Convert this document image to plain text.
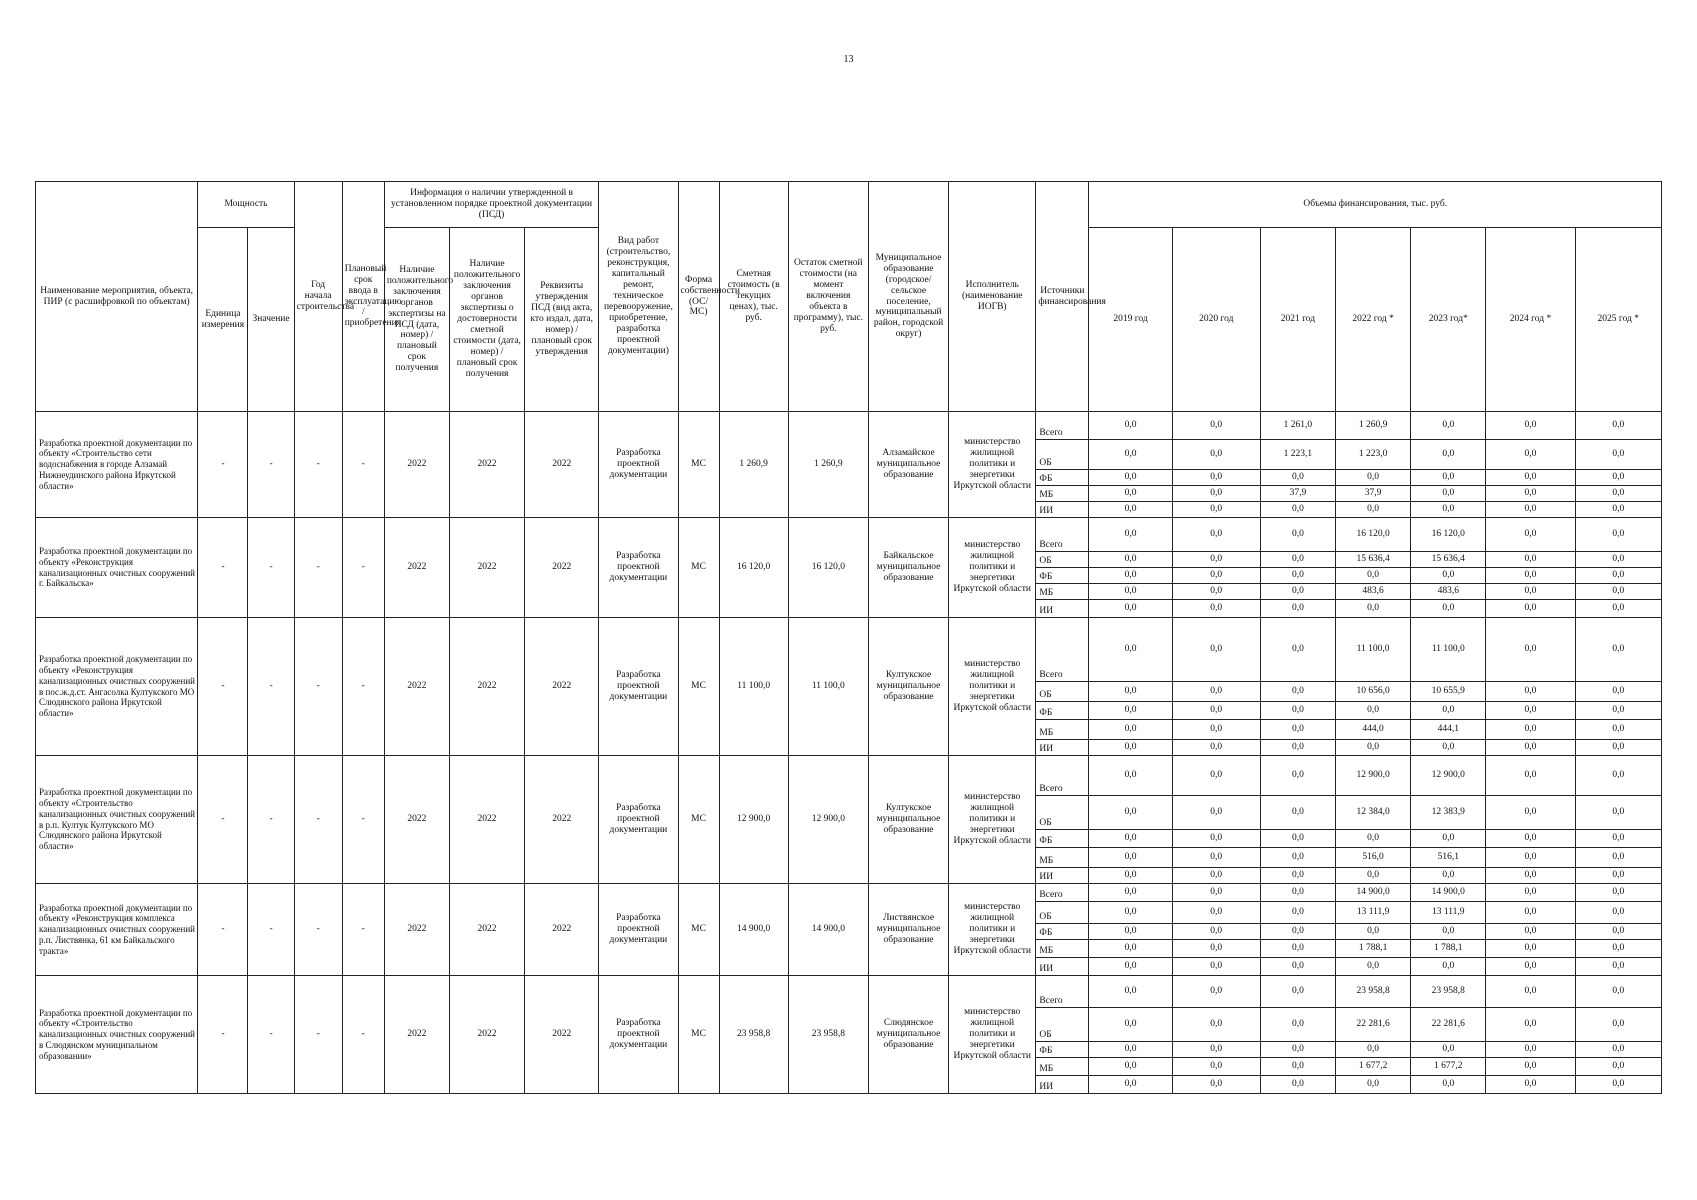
13
Наименование мероприятия, объекта, ПИР (с расшифровкой по объектам)	Мощность		Год начала строительства	Плановый срок ввода в эксплуатацию / приобретения	Информация о наличии утвержденной в установленном порядке проектной документации (ПСД)			Вид работ (строительство, реконструкция, капитальный ремонт, техническое перевооружение, приобретение, разработка проектной документации)	Форма собственности (ОС/МС)	Сметная стоимость (в текущих ценах), тыс. руб.	Остаток сметной стоимости (на момент включения объекта в программу), тыс. руб.	Муниципальное образование (городское/сельское поселение, муниципальный район, городской округ)	Исполнитель (наименование ИОГВ)	Источники финансирования	Объемы финансирования, тыс. руб.						
	Единица измерения	Значение			Наличие положительного заключения органов экспертизы на ПСД (дата, номер) / плановый срок получения	Наличие положительного заключения органов экспертизы о достоверности сметной стоимости (дата, номер) / плановый срок получения	Реквизиты утверждения ПСД (вид акта, кто издал, дата, номер) / плановый срок утверждения								2019 год	2020 год	2021 год	2022 год *	2023 год*	2024 год *	2025 год *
Разработка проектной документации по объекту «Строительство сети водоснабжения в городе Алзамай Нижнеудинского района Иркутской области»	-	-	-	-	2022	2022	2022	Разработка проектной документации	МС	1 260,9	1 260,9	Алзамайское муниципальное образование	министерство жилищной политики и энергетики Иркутской области	Всего	0,0	0,0	1 261,0	1 260,9	0,0	0,0	0,0
														ОБ	0,0	0,0	1 223,1	1 223,0	0,0	0,0	0,0
														ФБ	0,0	0,0	0,0	0,0	0,0	0,0	0,0
														МБ	0,0	0,0	37,9	37,9	0,0	0,0	0,0
														ИИ	0,0	0,0	0,0	0,0	0,0	0,0	0,0
Разработка проектной документации по объекту «Реконструкция канализационных очистных сооружений г. Байкальска»	-	-	-	-	2022	2022	2022	Разработка проектной документации	МС	16 120,0	16 120,0	Байкальское муниципальное образование	министерство жилищной политики и энергетики Иркутской области	Всего	0,0	0,0	0,0	16 120,0	16 120,0	0,0	0,0
														ОБ	0,0	0,0	0,0	15 636,4	15 636,4	0,0	0,0
														ФБ	0,0	0,0	0,0	0,0	0,0	0,0	0,0
														МБ	0,0	0,0	0,0	483,6	483,6	0,0	0,0
														ИИ	0,0	0,0	0,0	0,0	0,0	0,0	0,0
Разработка проектной документации по объекту «Реконструкция канализационных очистных сооружений в пос.ж.д.ст. Ангасолка Култукского МО Слюдянского района Иркутской области»	-	-	-	-	2022	2022	2022	Разработка проектной документации	МС	11 100,0	11 100,0	Култукское муниципальное образование	министерство жилищной политики и энергетики Иркутской области	Всего	0,0	0,0	0,0	11 100,0	11 100,0	0,0	0,0
														ОБ	0,0	0,0	0,0	10 656,0	10 655,9	0,0	0,0
														ФБ	0,0	0,0	0,0	0,0	0,0	0,0	0,0
														МБ	0,0	0,0	0,0	444,0	444,1	0,0	0,0
														ИИ	0,0	0,0	0,0	0,0	0,0	0,0	0,0
Разработка проектной документации по объекту «Строительство канализационных очистных сооружений в р.п. Култук Култукского МО Слюдянского района Иркутской области»	-	-	-	-	2022	2022	2022	Разработка проектной документации	МС	12 900,0	12 900,0	Култукское муниципальное образование	министерство жилищной политики и энергетики Иркутской области	Всего	0,0	0,0	0,0	12 900,0	12 900,0	0,0	0,0
														ОБ	0,0	0,0	0,0	12 384,0	12 383,9	0,0	0,0
														ФБ	0,0	0,0	0,0	0,0	0,0	0,0	0,0
														МБ	0,0	0,0	0,0	516,0	516,1	0,0	0,0
														ИИ	0,0	0,0	0,0	0,0	0,0	0,0	0,0
Разработка проектной документации по объекту «Реконструкция комплекса канализационных очистных сооружений р.п. Листвянка, 61 км Байкальского тракта»	-	-	-	-	2022	2022	2022	Разработка проектной документации	МС	14 900,0	14 900,0	Листвянское муниципальное образование	министерство жилищной политики и энергетики Иркутской области	Всего	0,0	0,0	0,0	14 900,0	14 900,0	0,0	0,0
														ОБ	0,0	0,0	0,0	13 111,9	13 111,9	0,0	0,0
														ФБ	0,0	0,0	0,0	0,0	0,0	0,0	0,0
														МБ	0,0	0,0	0,0	1 788,1	1 788,1	0,0	0,0
														ИИ	0,0	0,0	0,0	0,0	0,0	0,0	0,0
Разработка проектной документации по объекту «Строительство канализационных очистных сооружений в Слюдянском муниципальном образовании»	-	-	-	-	2022	2022	2022	Разработка проектной документации	МС	23 958,8	23 958,8	Слюдянское муниципальное образование	министерство жилищной политики и энергетики Иркутской области	Всего	0,0	0,0	0,0	23 958,8	23 958,8	0,0	0,0
														ОБ	0,0	0,0	0,0	22 281,6	22 281,6	0,0	0,0
														ФБ	0,0	0,0	0,0	0,0	0,0	0,0	0,0
														МБ	0,0	0,0	0,0	1 677,2	1 677,2	0,0	0,0
														ИИ	0,0	0,0	0,0	0,0	0,0	0,0	0,0
